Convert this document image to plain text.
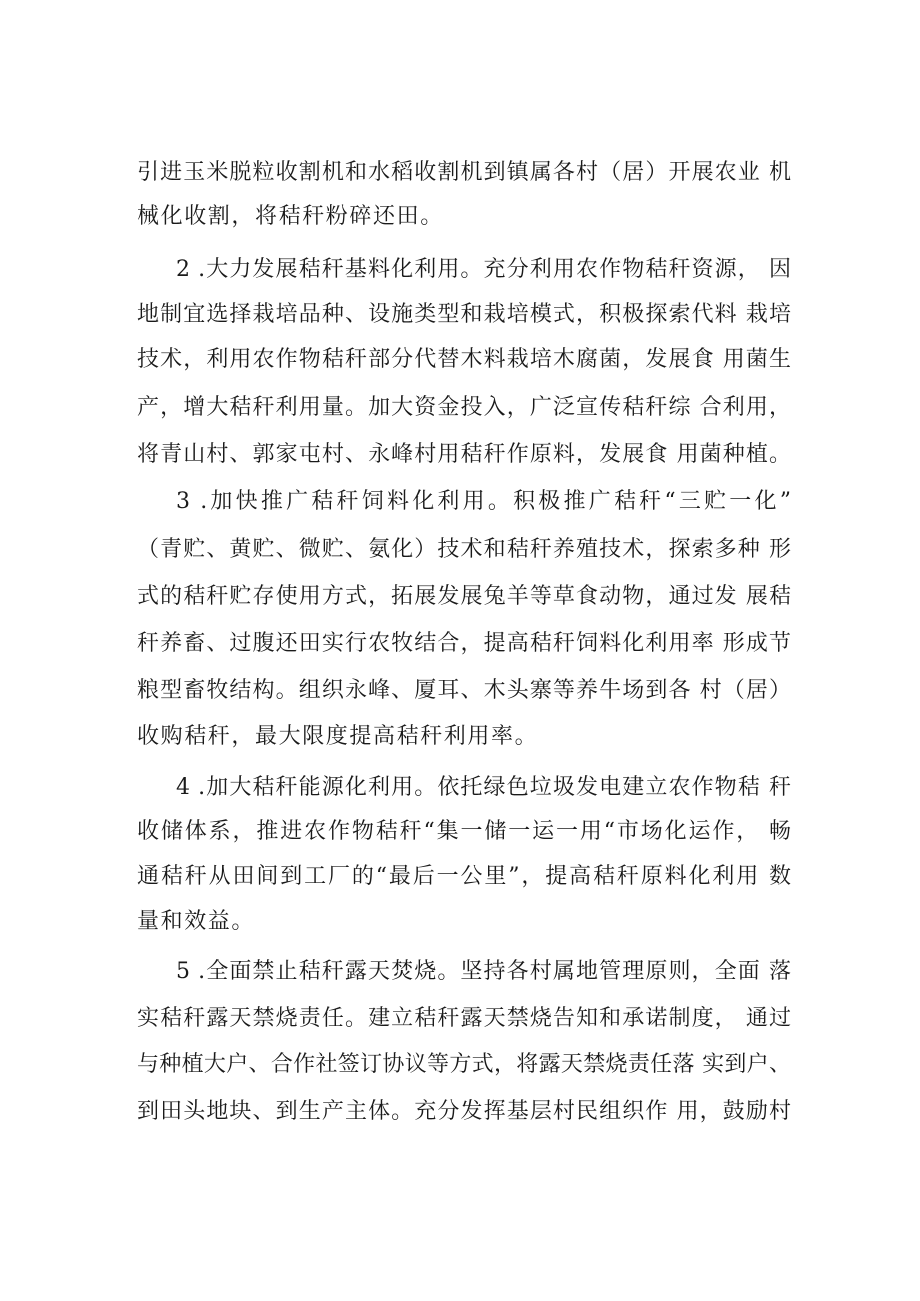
引进玉米脱粒收割机和水稻收割机到镇属各村（居）开展农业 机
械化收割，将秸秆粉碎还田。
2 .大力发展秸秆基料化利用。充分利用农作物秸秆资源， 因
地制宜选择栽培品种、设施类型和栽培模式，积极探索代料 栽培
技术，利用农作物秸秆部分代替木料栽培木腐菌，发展食 用菌生
产，增大秸秆利用量。加大资金投入，广泛宣传秸秆综 合利用，
将青山村、郭家屯村、永峰村用秸秆作原料，发展食 用菌种植。
3 .加快推广秸秆饲料化利用。积极推广秸秆“三贮一化”
（青贮、黄贮、微贮、氨化）技术和秸秆养殖技术，探索多种 形
式的秸秆贮存使用方式，拓展发展兔羊等草食动物，通过发 展秸
秆养畜、过腹还田实行农牧结合，提高秸秆饲料化利用率 形成节
粮型畜牧结构。组织永峰、厦耳、木头寨等养牛场到各 村（居）
收购秸秆，最大限度提高秸秆利用率。
4 .加大秸秆能源化利用。依托绿色垃圾发电建立农作物秸 秆
收储体系，推进农作物秸秆“集一储一运一用“市场化运作， 畅
通秸秆从田间到工厂的“最后一公里”，提高秸秆原料化利用 数
量和效益。
5 .全面禁止秸秆露天焚烧。坚持各村属地管理原则，全面 落
实秸秆露天禁烧责任。建立秸秆露天禁烧告知和承诺制度， 通过
与种植大户、合作社签订协议等方式，将露天禁烧责任落 实到户、
到田头地块、到生产主体。充分发挥基层村民组织作 用，鼓励村
